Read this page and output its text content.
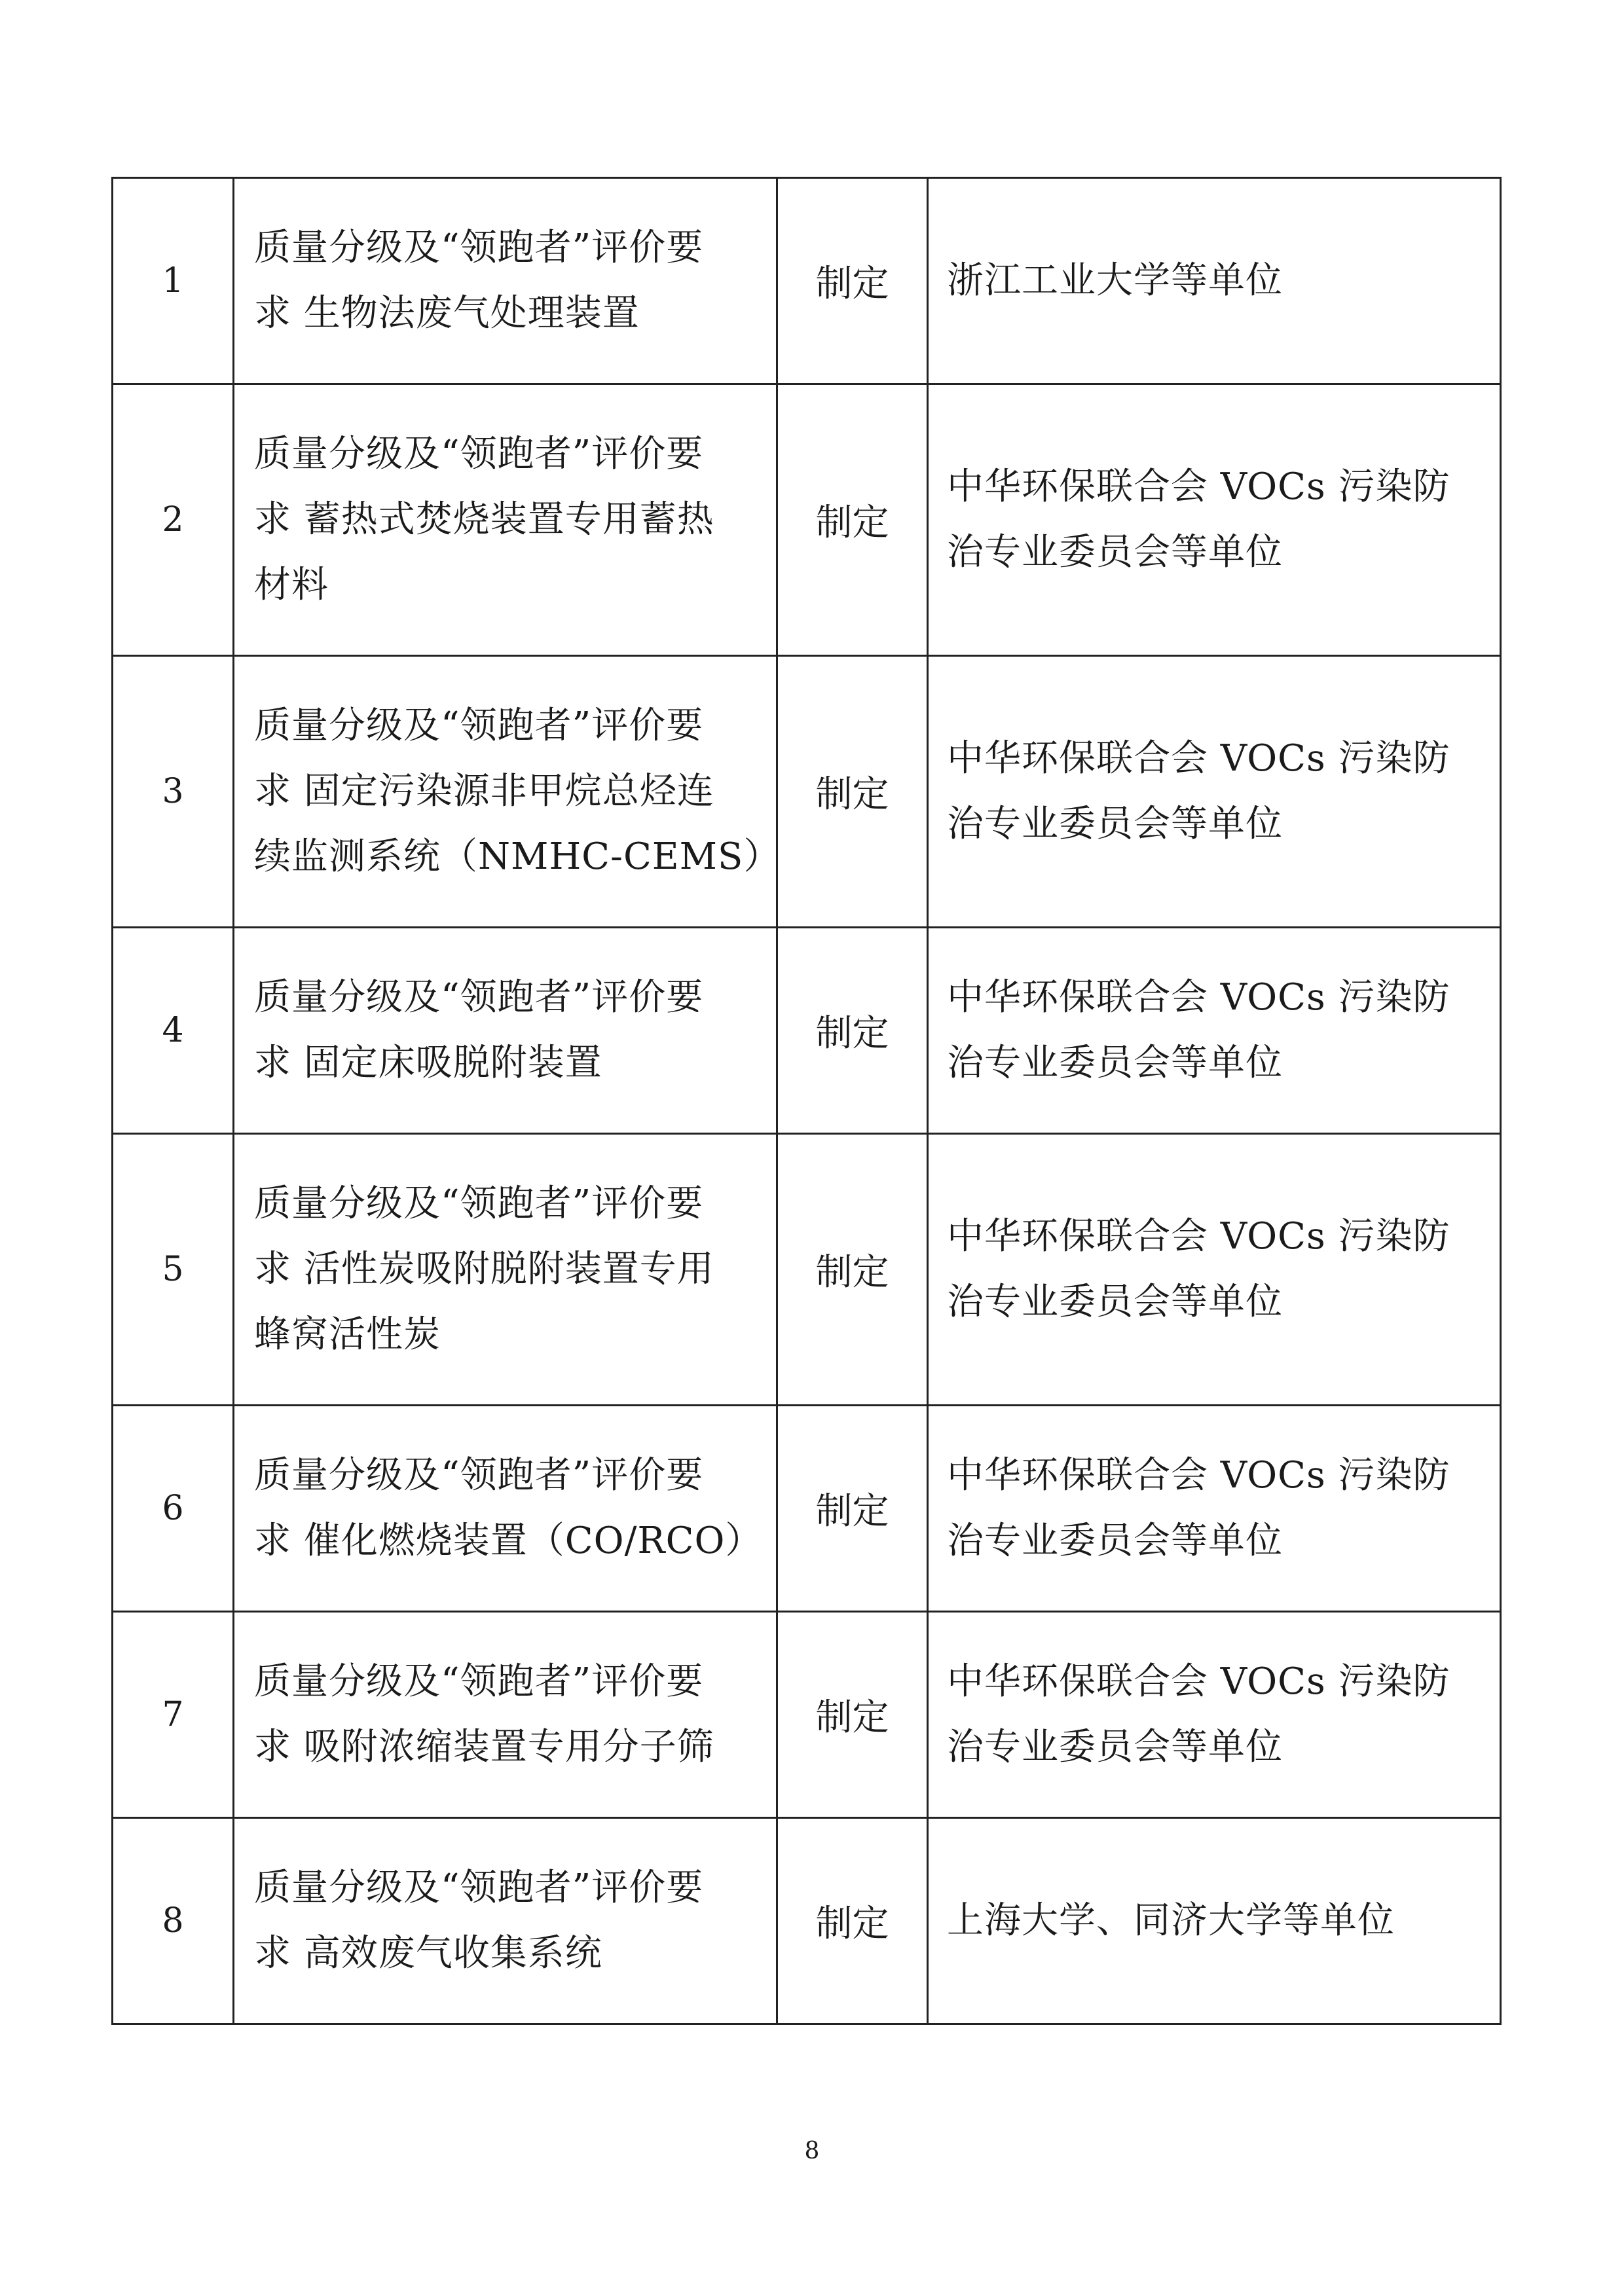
1	质量分级及“领跑者”评价要
求 生物法废气处理装置	制定	浙江工业大学等单位
2	质量分级及“领跑者”评价要
求 蓄热式焚烧装置专用蓄热
材料	制定	中华环保联合会 VOCs 污染防治专业委员会等单位
3	质量分级及“领跑者”评价要
求 固定污染源非甲烷总烃连
续监测系统（NMHC-CEMS）	制定	中华环保联合会 VOCs 污染防治专业委员会等单位
4	质量分级及“领跑者”评价要
求 固定床吸脱附装置	制定	中华环保联合会 VOCs 污染防治专业委员会等单位
5	质量分级及“领跑者”评价要
求 活性炭吸附脱附装置专用
蜂窝活性炭	制定	中华环保联合会 VOCs 污染防治专业委员会等单位
6	质量分级及“领跑者”评价要
求 催化燃烧装置（CO/RCO）	制定	中华环保联合会 VOCs 污染防治专业委员会等单位
7	质量分级及“领跑者”评价要
求 吸附浓缩装置专用分子筛	制定	中华环保联合会 VOCs 污染防治专业委员会等单位
8	质量分级及“领跑者”评价要
求 高效废气收集系统	制定	上海大学、同济大学等单位
8
